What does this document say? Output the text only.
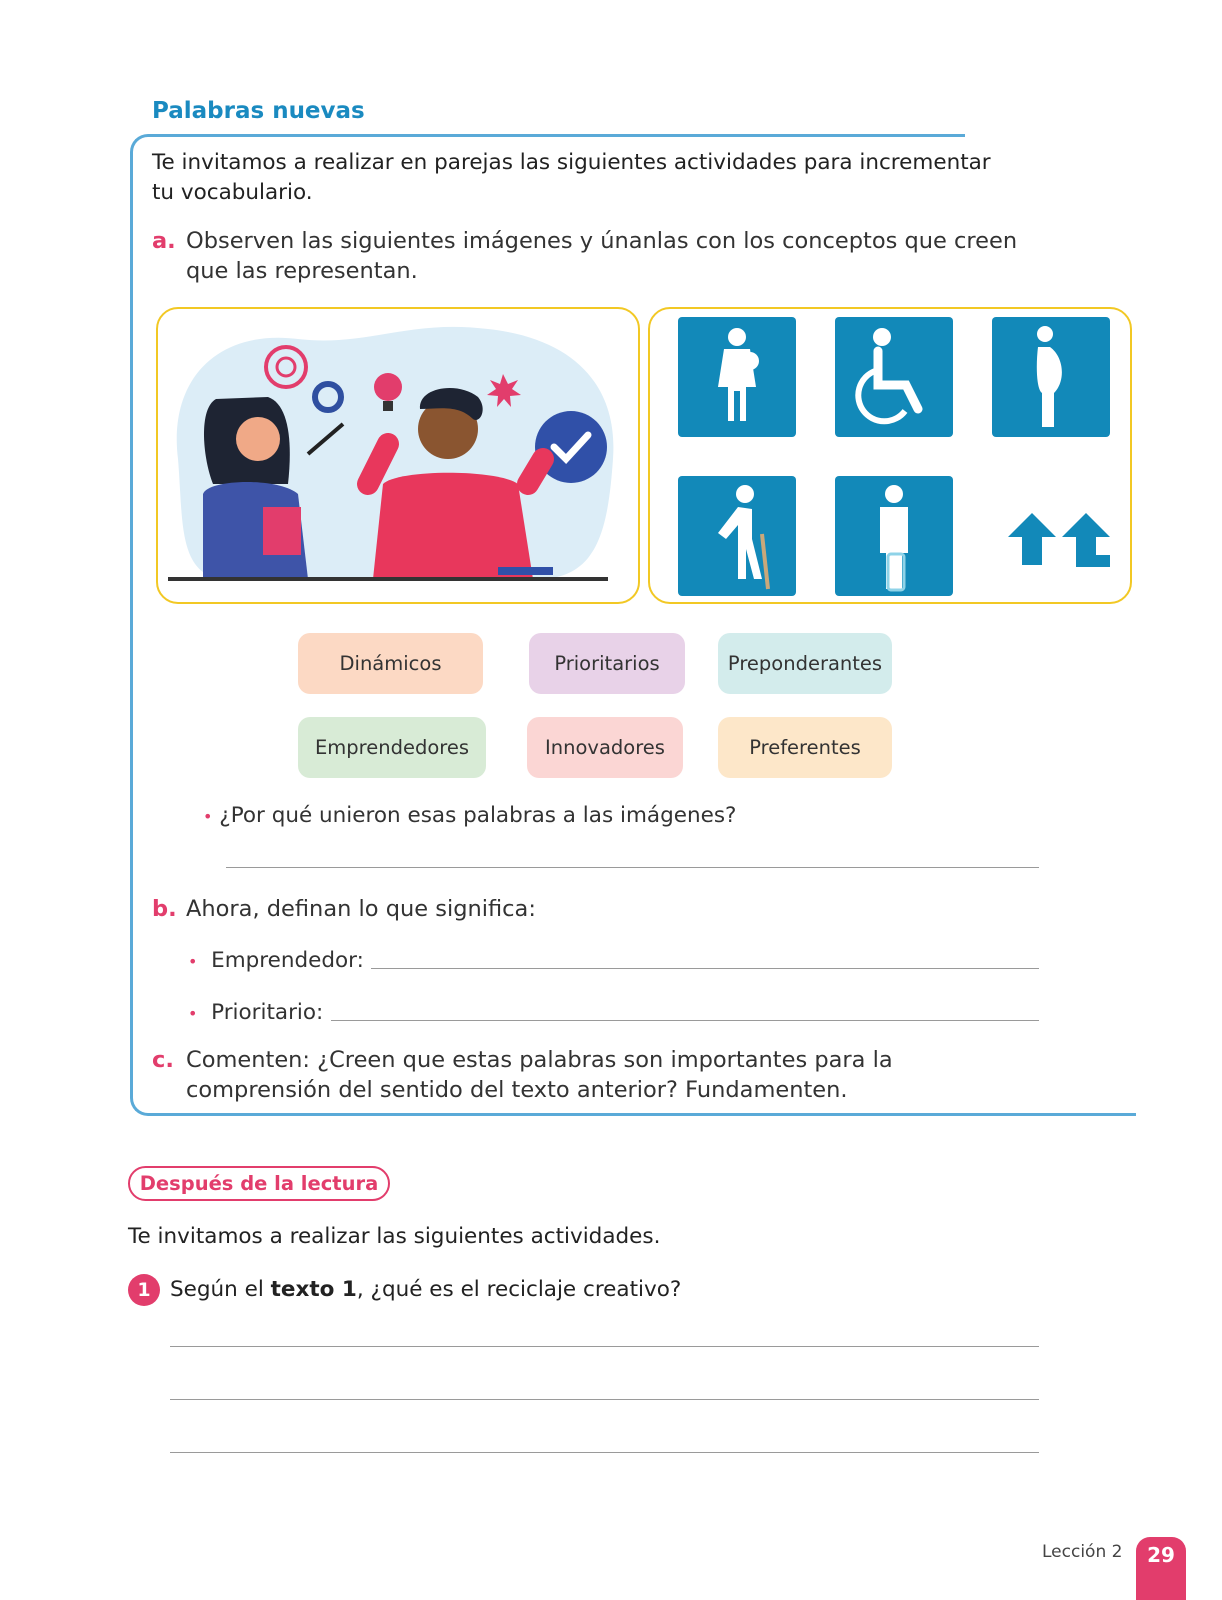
Palabras nuevas
Te invitamos a realizar en parejas las siguientes actividades para incrementar tu vocabulario.
a. Observen las siguientes imágenes y únanlas con los conceptos que creen que las representan.
Dinámicos	Prioritarios	Preponderantes
Emprendedores	Innovadores	Preferentes
• ¿Por qué unieron esas palabras a las imágenes?
b. Ahora, definan lo que significa:
• Emprendedor:
• Prioritario:
c. Comenten: ¿Creen que estas palabras son importantes para la comprensión del sentido del texto anterior? Fundamenten.
Después de la lectura
Te invitamos a realizar las siguientes actividades.
1 Según el texto 1, ¿qué es el reciclaje creativo?
Lección 2	29
